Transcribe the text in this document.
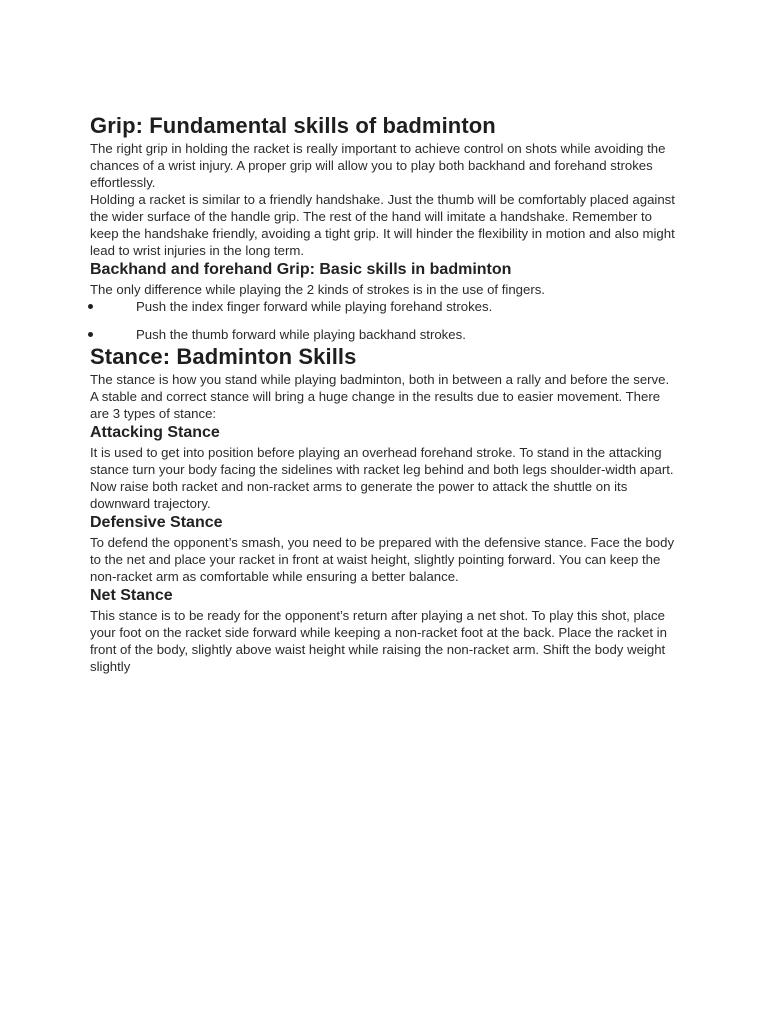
Grip: Fundamental skills of badminton

The right grip in holding the racket is really important to achieve control on shots while avoiding the chances of a wrist injury. A proper grip will allow you to play both backhand and forehand strokes effortlessly.

Holding a racket is similar to a friendly handshake. Just the thumb will be comfortably placed against the wider surface of the handle grip. The rest of the hand will imitate a handshake. Remember to keep the handshake friendly, avoiding a tight grip. It will hinder the flexibility in motion and also might lead to wrist injuries in the long term.

Backhand and forehand Grip: Basic skills in badminton

The only difference while playing the 2 kinds of strokes is in the use of fingers.

Push the index finger forward while playing forehand strokes.
Push the thumb forward while playing backhand strokes.
Stance: Badminton Skills

The stance is how you stand while playing badminton, both in between a rally and before the serve. A stable and correct stance will bring a huge change in the results due to easier movement. There are 3 types of stance:

Attacking Stance

It is used to get into position before playing an overhead forehand stroke. To stand in the attacking stance turn your body facing the sidelines with racket leg behind and both legs shoulder-width apart. Now raise both racket and non-racket arms to generate the power to attack the shuttle on its downward trajectory.

Defensive Stance

To defend the opponent’s smash, you need to be prepared with the defensive stance. Face the body to the net and place your racket in front at waist height, slightly pointing forward. You can keep the non-racket arm as comfortable while ensuring a better balance.

Net Stance

This stance is to be ready for the opponent’s return after playing a net shot. To play this shot, place your foot on the racket side forward while keeping a non-racket foot at the back. Place the racket in front of the body, slightly above waist height while raising the non-racket arm. Shift the body weight slightly
